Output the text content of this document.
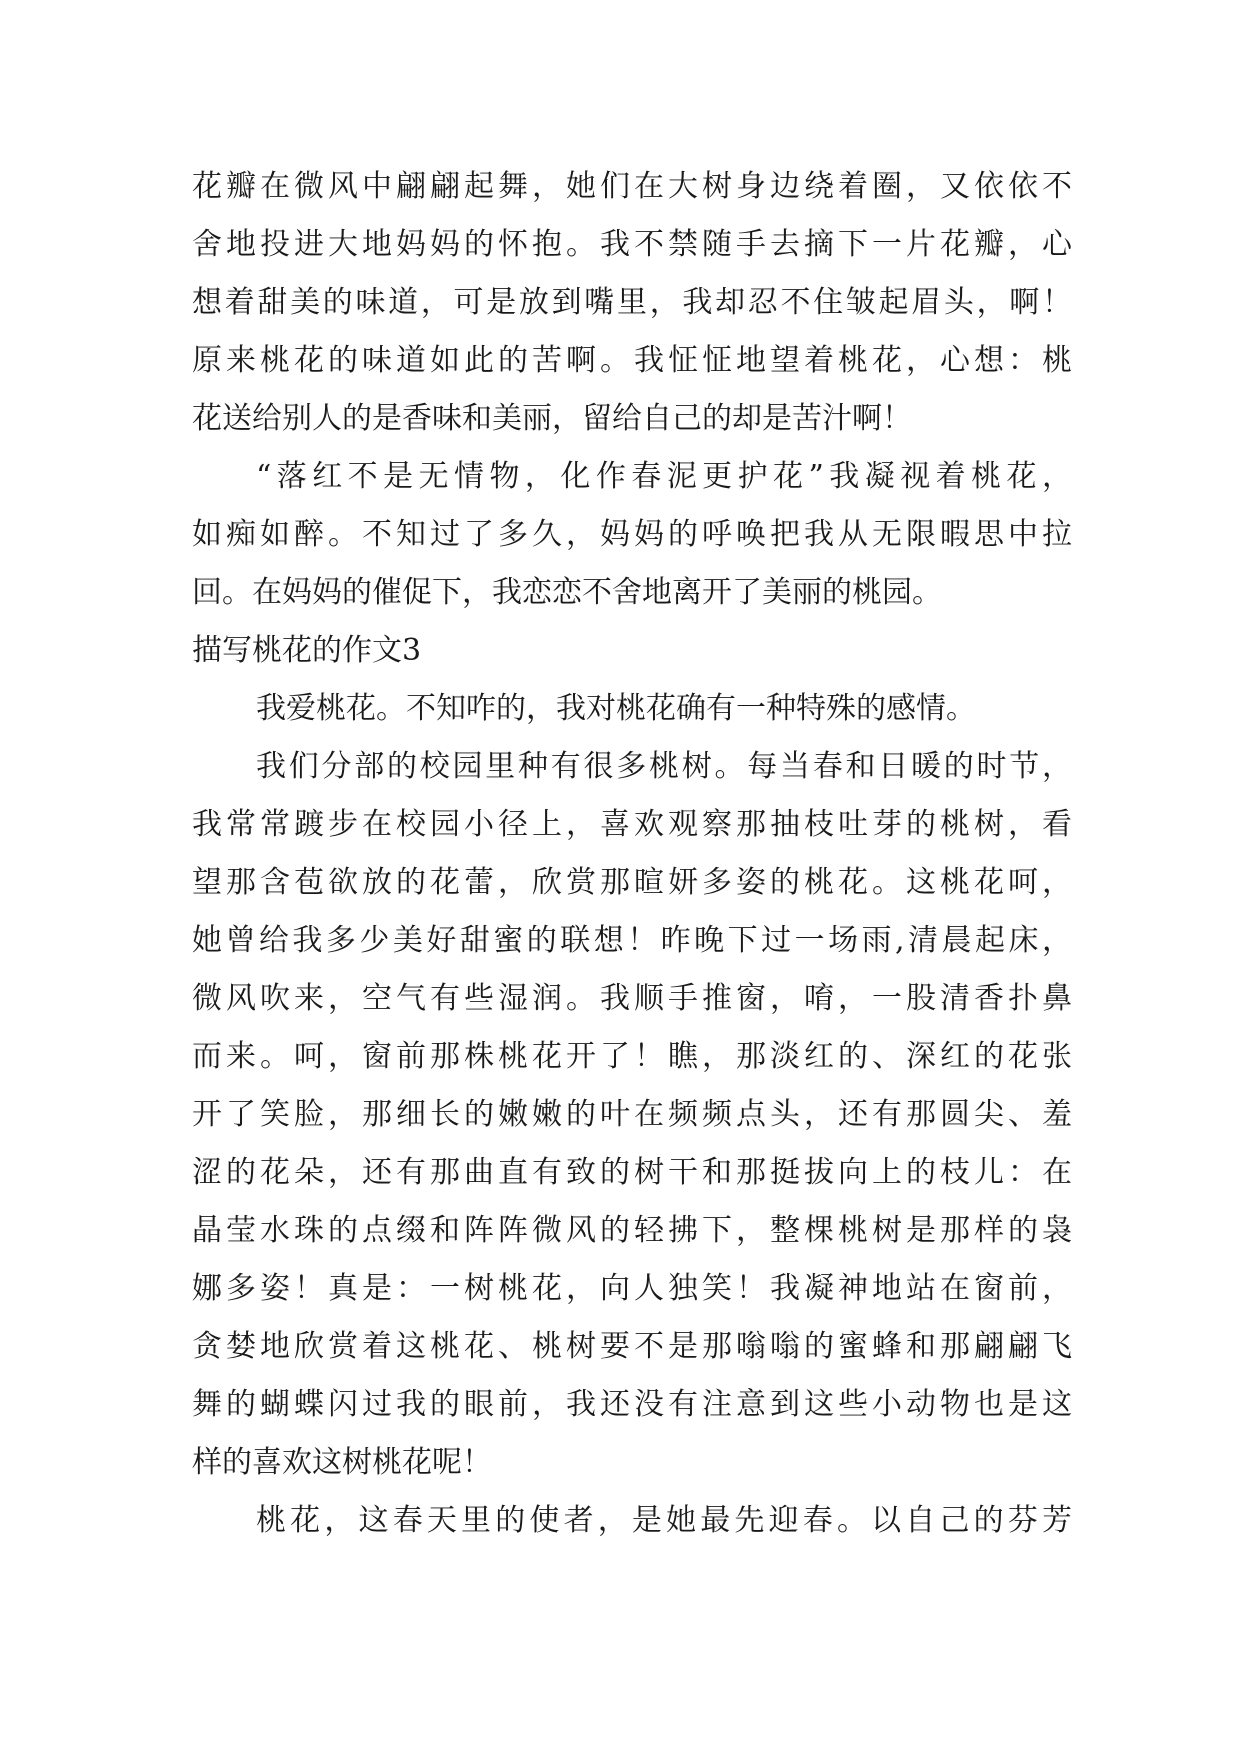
花瓣在微风中翩翩起舞，她们在大树身边绕着圈，又依依不
舍地投进大地妈妈的怀抱。我不禁随手去摘下一片花瓣，心
想着甜美的味道，可是放到嘴里，我却忍不住皱起眉头，啊！
原来桃花的味道如此的苦啊。我怔怔地望着桃花，心想：桃
花送给别人的是香味和美丽，留给自己的却是苦汁啊！
“落红不是无情物，化作春泥更护花”我凝视着桃花，
如痴如醉。不知过了多久，妈妈的呼唤把我从无限暇思中拉
回。在妈妈的催促下，我恋恋不舍地离开了美丽的桃园。
描写桃花的作文3
我爱桃花。不知咋的，我对桃花确有一种特殊的感情。
我们分部的校园里种有很多桃树。每当春和日暖的时节，
我常常踱步在校园小径上，喜欢观察那抽枝吐芽的桃树，看
望那含苞欲放的花蕾，欣赏那暄妍多姿的桃花。这桃花呵，
她曾给我多少美好甜蜜的联想！昨晚下过一场雨,清晨起床，
微风吹来，空气有些湿润。我顺手推窗，唷，一股清香扑鼻
而来。呵，窗前那株桃花开了！瞧，那淡红的、深红的花张
开了笑脸，那细长的嫩嫩的叶在频频点头，还有那圆尖、羞
涩的花朵，还有那曲直有致的树干和那挺拔向上的枝儿：在
晶莹水珠的点缀和阵阵微风的轻拂下，整棵桃树是那样的袅
娜多姿！真是：一树桃花，向人独笑！我凝神地站在窗前，
贪婪地欣赏着这桃花、桃树要不是那嗡嗡的蜜蜂和那翩翩飞
舞的蝴蝶闪过我的眼前，我还没有注意到这些小动物也是这
样的喜欢这树桃花呢！
桃花，这春天里的使者，是她最先迎春。以自己的芬芳
